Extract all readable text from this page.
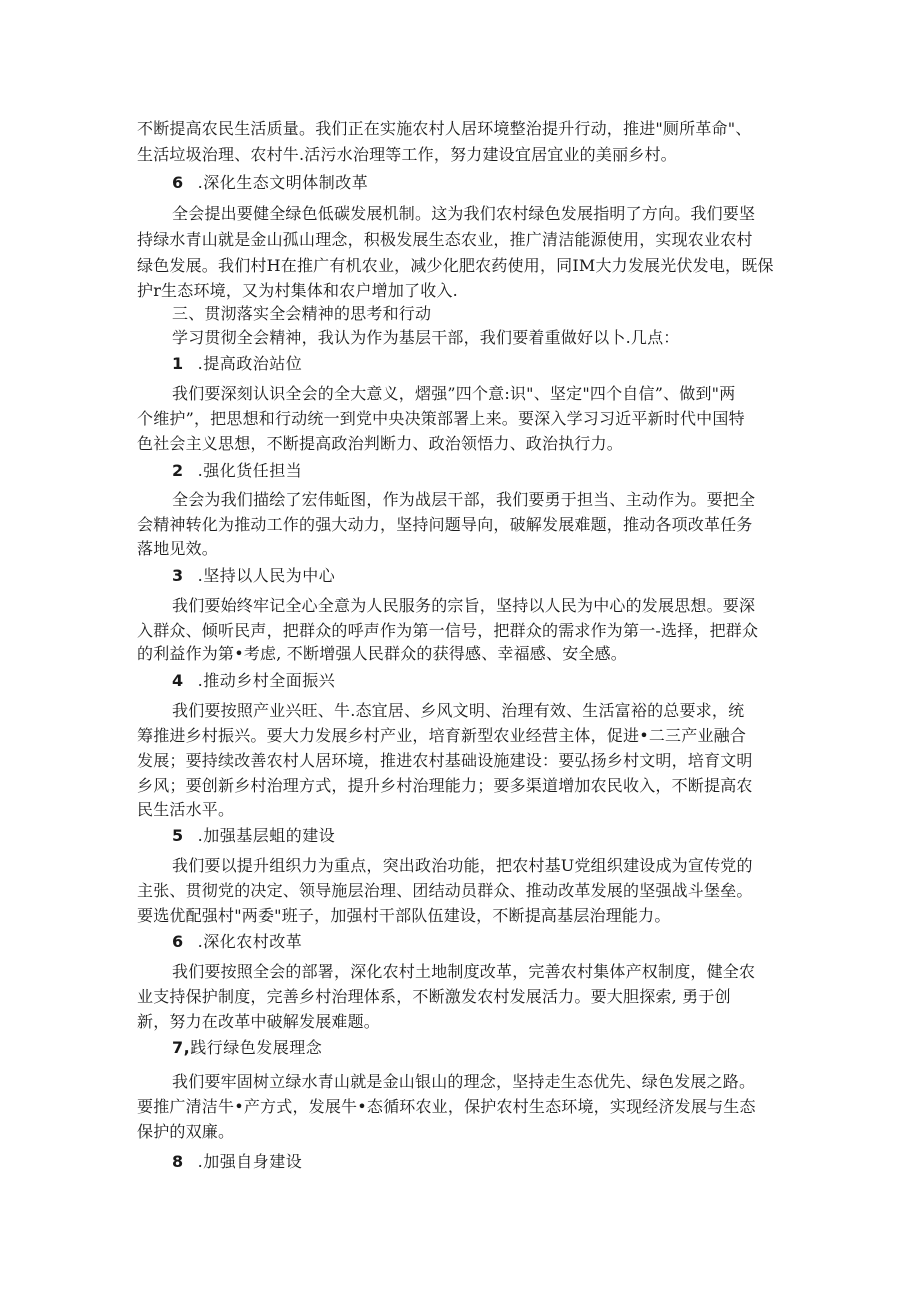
不断提高农民生活质量。我们正在实施农村人居环境整治提升行动，推进"厕所革命"、
生活垃圾治理、农村牛.活污水治理等工作，努力建设宜居宜业的美丽乡村。
6 .深化生态文明体制改革
全会提出要健全绿色低碳发展机制。这为我们农村绿色发展指明了方向。我们要坚
持绿水青山就是金山孤山理念，积极发展生态农业，推广清洁能源使用，实现农业农村
绿色发展。我们村H在推广有机农业，减少化肥农药使用，同IM大力发展光伏发电，既保
护r生态环境，又为村集体和农户增加了收入.
三、贯沏落实全会精神的思考和行动
学习贯彻全会精神，我认为作为基层干部，我们要着重做好以卜.几点：
1 .提高政治站位
我们要深刻认识全会的全大意义，熠强”四个意:识"、坚定"四个自信”、做到"两
个维护”，把思想和行动统一到党中央决策部署上来。要深入学习习近平新时代中国特
色社会主义思想，不断提高政治判断力、政治领悟力、政治执行力。
2 .强化货任担当
全会为我们描绘了宏伟蚯图，作为战层干部，我们要勇于担当、主动作为。要把全
会精神转化为推动工作的强大动力，坚持问题导向，破解发展难题，推动各项改革任务
落地见效。
3 .坚持以人民为中心
我们要始终牢记全心全意为人民服务的宗旨，坚持以人民为中心的发展思想。要深
入群众、倾听民声，把群众的呼声作为第一信号，把群众的需求作为第一-选择，把群众
的利益作为第•考虑, 不断增强人民群众的获得感、幸福感、安全感。
4 .推动乡村全面振兴
我们要按照产业兴旺、牛.态宜居、乡风文明、治理有效、生活富裕的总要求，统
筹推进乡村振兴。要大力发展乡村产业，培育新型农业经营主体，促进•二三产业融合
发展；要持续改善农村人居环境，推进农村基础设施建设：要弘扬乡村文明，培育文明
乡风；要创新乡村治理方式，提升乡村治理能力；要多渠道增加农民收入，不断提高农
民生活水平。
5 .加强基层蛆的建设
我们要以提升组织力为重点，突出政治功能，把农村基U党组织建设成为宣传党的
主张、贯彻党的决定、领导施层治理、团结动员群众、推动改革发展的坚强战斗堡垒。
要选优配强村"两委"班子，加强村干部队伍建设，不断提高基层治理能力。
6 .深化农村改革
我们要按照全会的部署，深化农村土地制度改革，完善农村集体产权制度，健全农
业支持保护制度，完善乡村治理体系，不断激发农村发展活力。要大胆探索, 勇于创
新，努力在改革中破解发展难题。
7,践行绿色发展理念
我们要牢固树立绿水青山就是金山银山的理念，坚持走生态优先、绿色发展之路。
要推广清洁牛•产方式，发展牛•态循环农业，保护农村生态环境，实现经济发展与生态
保护的双廉。
8 .加强自身建设
